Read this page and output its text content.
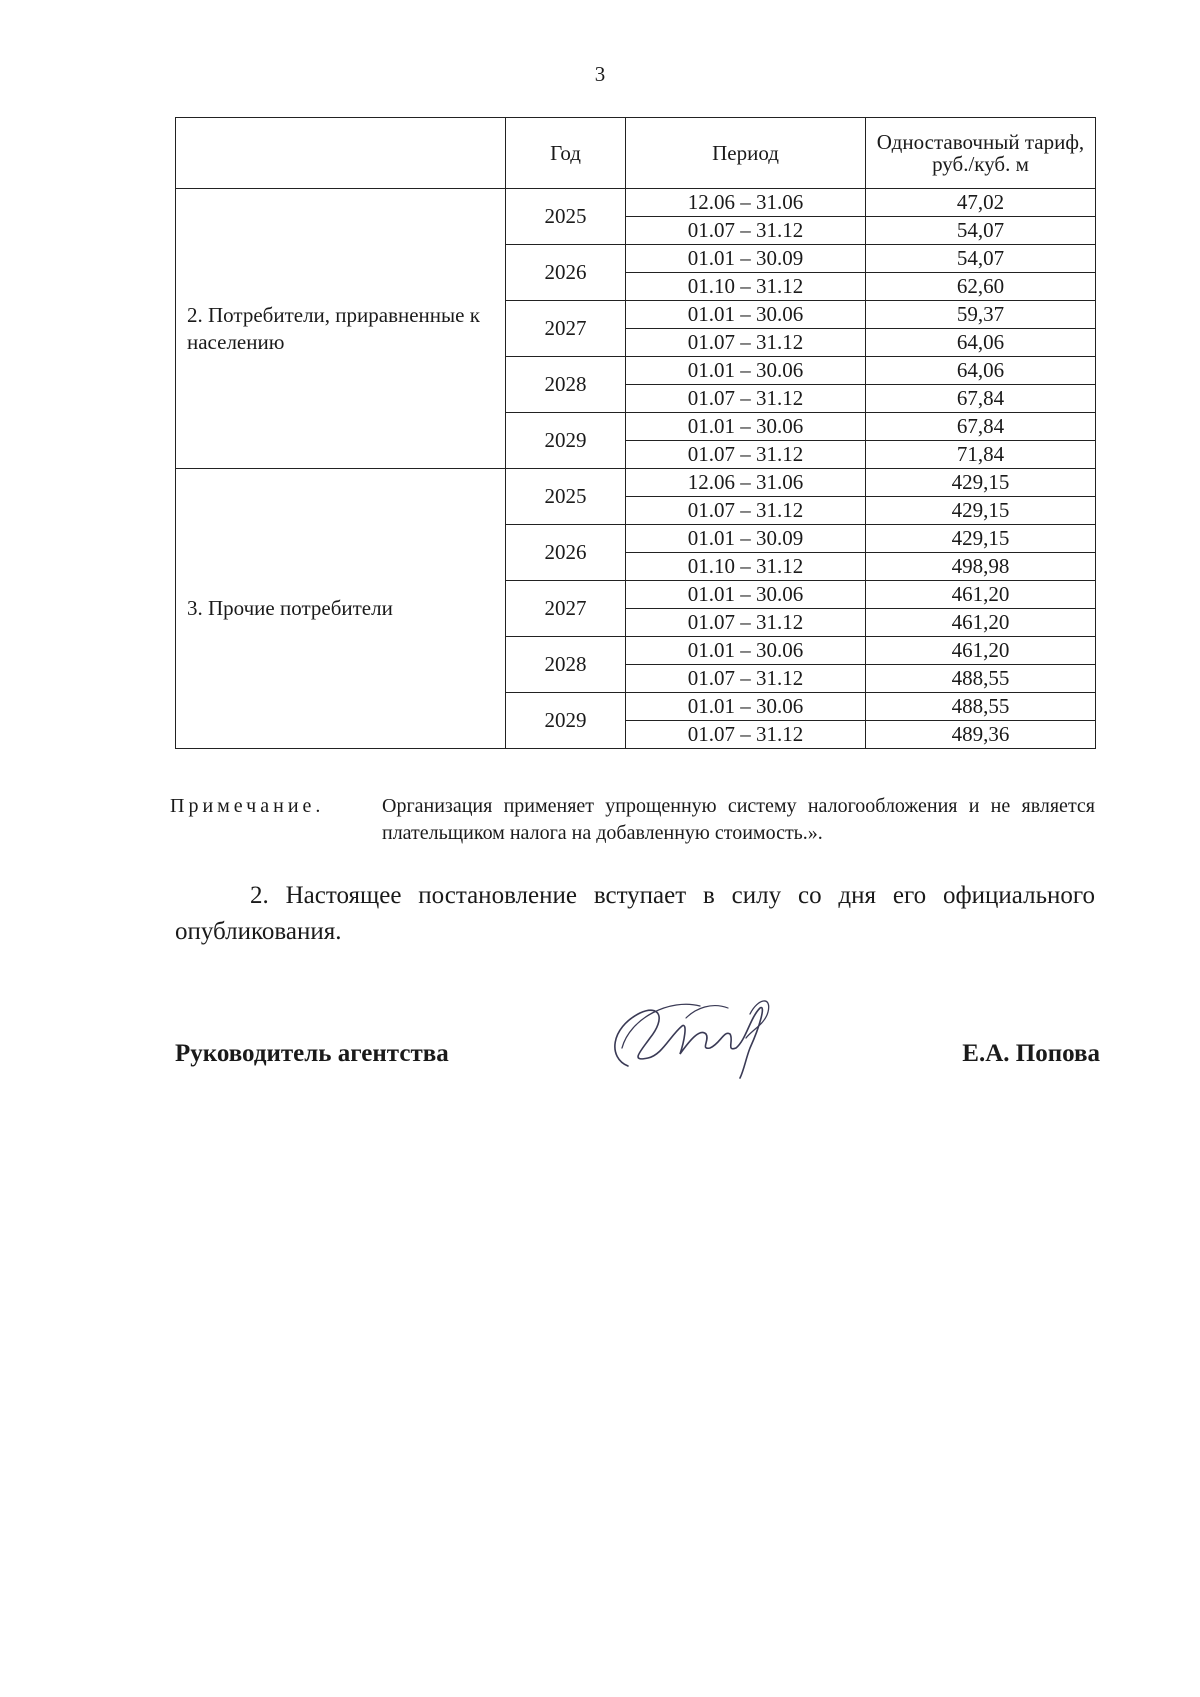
3
	Год	Период	Одноставочный тариф, руб./куб. м
2. Потребители, приравненные к населению	2025	12.06 – 31.06	47,02
		01.07 – 31.12	54,07
	2026	01.01 – 30.09	54,07
		01.10 – 31.12	62,60
	2027	01.01 – 30.06	59,37
		01.07 – 31.12	64,06
	2028	01.01 – 30.06	64,06
		01.07 – 31.12	67,84
	2029	01.01 – 30.06	67,84
		01.07 – 31.12	71,84
3. Прочие потребители	2025	12.06 – 31.06	429,15
		01.07 – 31.12	429,15
	2026	01.01 – 30.09	429,15
		01.10 – 31.12	498,98
	2027	01.01 – 30.06	461,20
		01.07 – 31.12	461,20
	2028	01.01 – 30.06	461,20
		01.07 – 31.12	488,55
	2029	01.01 – 30.06	488,55
		01.07 – 31.12	489,36
Примечание.	Организация применяет упрощенную систему налогообложения и не является плательщиком налога на добавленную стоимость.».
2. Настоящее постановление вступает в силу со дня его официального опубликования.
Руководитель агентства	Е.А. Попова
